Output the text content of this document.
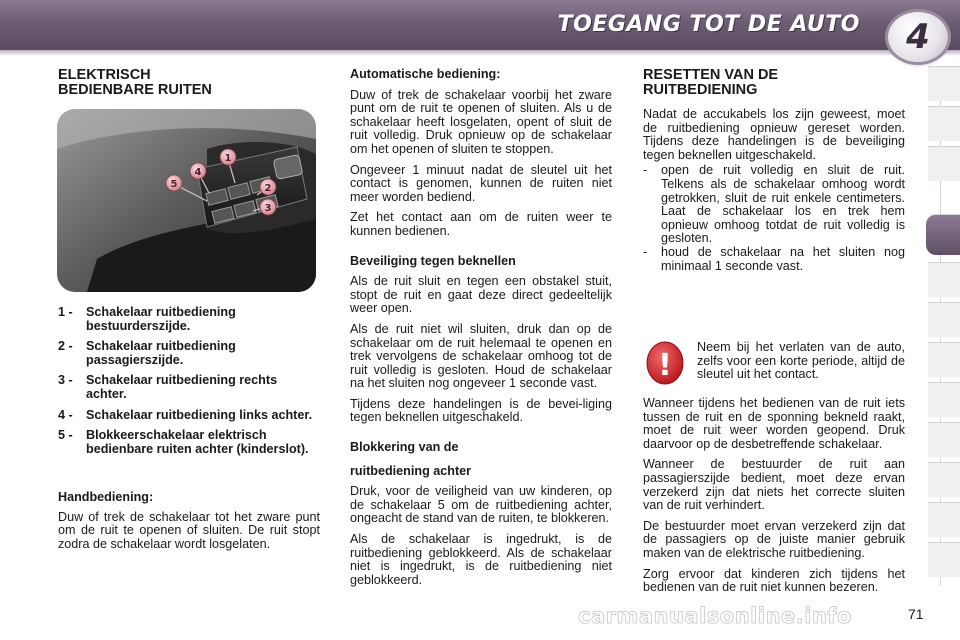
TOEGANG TOT DE AUTO	4
ELEKTRISCH
BEDIENBARE RUITEN
1
2
3
4
5
1 -	Schakelaar ruitbediening bestuurderszijde.
2 -	Schakelaar ruitbediening passagierszijde.
3 -	Schakelaar ruitbediening rechts achter.
4 -	Schakelaar ruitbediening links achter.
5 -	Blokkeerschakelaar elektrisch bedienbare ruiten achter (kinderslot).
Handbediening:
Duw of trek de schakelaar tot het zware punt om de ruit te openen of sluiten. De ruit stopt zodra de schakelaar wordt losgelaten.
Automatische bediening:

Duw of trek de schakelaar voorbij het zware punt om de ruit te openen of sluiten. Als u de schakelaar heeft losgelaten, opent of sluit de ruit volledig. Druk opnieuw op de schakelaar om het openen of sluiten te stoppen.

Ongeveer 1 minuut nadat de sleutel uit het contact is genomen, kunnen de ruiten niet meer worden bediend.

Zet het contact aan om de ruiten weer te kunnen bedienen.

Beveiliging tegen beknellen

Als de ruit sluit en tegen een obstakel stuit, stopt de ruit en gaat deze direct gedeeltelijk weer open.

Als de ruit niet wil sluiten, druk dan op de schakelaar om de ruit helemaal te openen en trek vervolgens de schakelaar omhoog tot de ruit volledig is gesloten. Houd de schakelaar na het sluiten nog ongeveer 1 seconde vast.

Tijdens deze handelingen is de bevei-liging tegen beknellen uitgeschakeld.

Blokkering van de
ruitbediening achter

Druk, voor de veiligheid van uw kinderen, op de schakelaar 5 om de ruitbediening achter, ongeacht de stand van de ruiten, te blokkeren.

Als de schakelaar is ingedrukt, is de ruitbediening geblokkeerd. Als de schakelaar niet is ingedrukt, is de ruitbediening niet geblokkeerd.

RESETTEN VAN DE
RUITBEDIENING

Nadat de accukabels los zijn geweest, moet de ruitbediening opnieuw gereset worden. Tijdens deze handelingen is de beveiliging tegen beknellen uitgeschakeld.

-	open de ruit volledig en sluit de ruit. Telkens als de schakelaar omhoog wordt getrokken, sluit de ruit enkele centimeters. Laat de schakelaar los en trek hem opnieuw omhoog totdat de ruit volledig is gesloten.
-	houd de schakelaar na het sluiten nog minimaal 1 seconde vast.
!
Neem bij het verlaten van de auto, zelfs voor een korte periode, altijd de sleutel uit het contact.

Wanneer tijdens het bedienen van de ruit iets tussen de ruit en de sponning bekneld raakt, moet de ruit weer worden geopend. Druk daarvoor op de desbetreffende schakelaar.

Wanneer de bestuurder de ruit aan passagierszijde bedient, moet deze ervan verzekerd zijn dat niets het correcte sluiten van de ruit verhindert.

De bestuurder moet ervan verzekerd zijn dat de passagiers op de juiste manier gebruik maken van de elektrische ruitbediening.

Zorg ervoor dat kinderen zich tijdens het bedienen van de ruit niet kunnen bezeren.

carmanualsonline.info	71
